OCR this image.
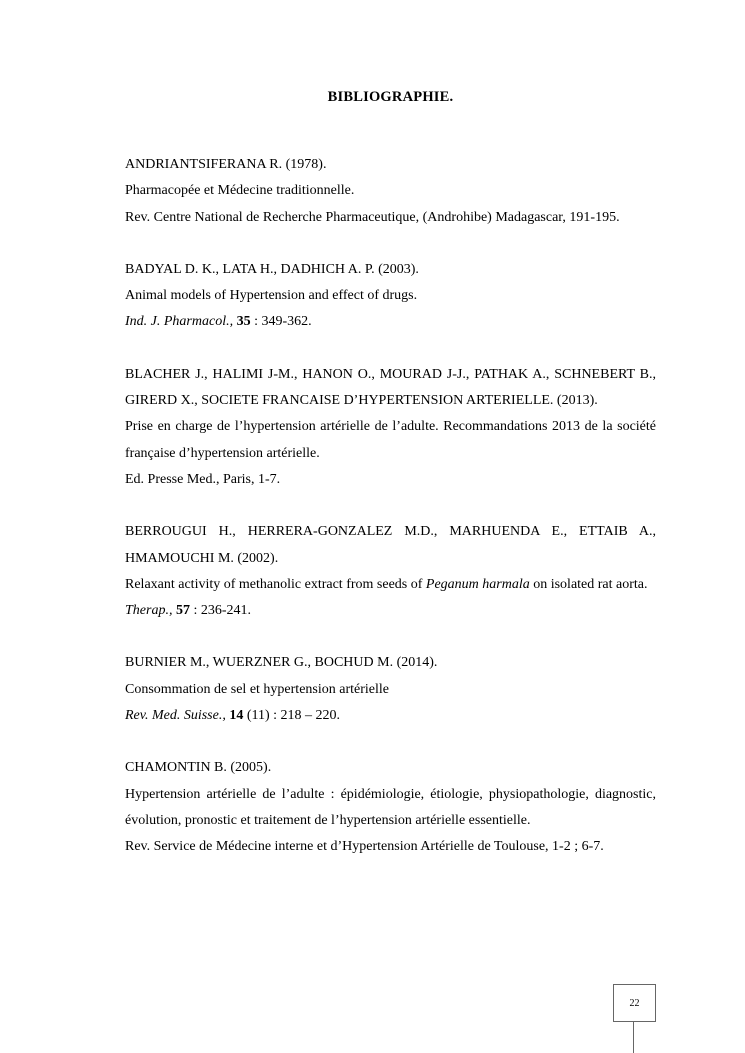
BIBLIOGRAPHIE.

ANDRIANTSIFERANA R. (1978).

Pharmacopée et Médecine traditionnelle.

Rev. Centre National de Recherche Pharmaceutique, (Androhibe) Madagascar, 191-195.

BADYAL D. K., LATA H., DADHICH A. P. (2003).

Animal models of Hypertension and effect of drugs.

Ind. J. Pharmacol., 35 : 349-362.

BLACHER J., HALIMI J-M., HANON O., MOURAD J-J., PATHAK A., SCHNEBERT B., GIRERD X., SOCIETE FRANCAISE D’HYPERTENSION ARTERIELLE. (2013).

Prise en charge de l’hypertension artérielle de l’adulte. Recommandations 2013 de la société française d’hypertension artérielle.

Ed. Presse Med., Paris, 1-7.

BERROUGUI H., HERRERA-GONZALEZ M.D., MARHUENDA E., ETTAIB A., HMAMOUCHI M. (2002).

Relaxant activity of methanolic extract from seeds of Peganum harmala on isolated rat aorta.

Therap., 57 : 236-241.

BURNIER M., WUERZNER G., BOCHUD M. (2014).

Consommation de sel et hypertension artérielle

Rev. Med. Suisse., 14 (11) : 218 – 220.

CHAMONTIN B. (2005).

Hypertension artérielle de l’adulte : épidémiologie, étiologie, physiopathologie, diagnostic, évolution, pronostic et traitement de l’hypertension artérielle essentielle.

Rev. Service de Médecine interne et d’Hypertension Artérielle de Toulouse, 1-2 ; 6-7.

22
